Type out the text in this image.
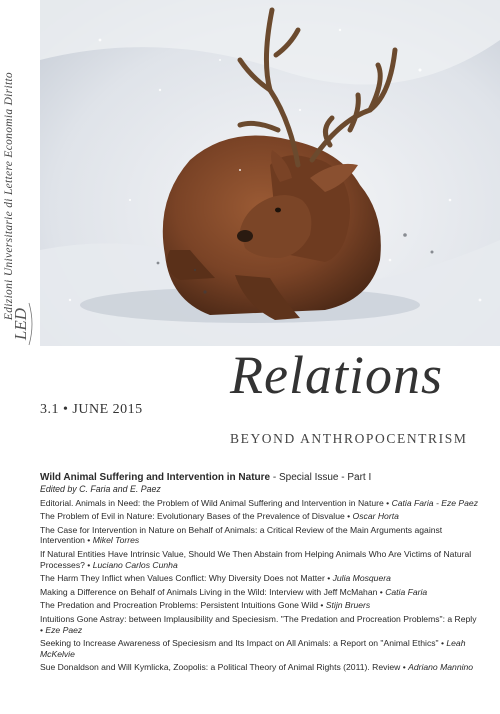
Edizioni Universitarie di Lettere Economia Diritto
LED
Relations
3.1 • JUNE 2015
BEYOND ANTHROPOCENTRISM
Wild Animal Suffering and Intervention in Nature - Special Issue - Part I
Edited by C. Faria and E. Paez
Editorial. Animals in Need: the Problem of Wild Animal Suffering and Intervention in Nature • Catia Faria - Eze Paez
The Problem of Evil in Nature: Evolutionary Bases of the Prevalence of Disvalue • Oscar Horta
The Case for Intervention in Nature on Behalf of Animals: a Critical Review of the Main Arguments against Intervention • Mikel Torres
If Natural Entities Have Intrinsic Value, Should We Then Abstain from Helping Animals Who Are Victims of Natural Processes? • Luciano Carlos Cunha
The Harm They Inflict when Values Conflict: Why Diversity Does not Matter • Julia Mosquera
Making a Difference on Behalf of Animals Living in the Wild: Interview with Jeff McMahan • Catia Faria
The Predation and Procreation Problems: Persistent Intuitions Gone Wild • Stijn Bruers
Intuitions Gone Astray: between Implausibility and Speciesism. "The Predation and Procreation Problems": a Reply • Eze Paez
Seeking to Increase Awareness of Speciesism and Its Impact on All Animals: a Report on "Animal Ethics" • Leah McKelvie
Sue Donaldson and Will Kymlicka, Zoopolis: a Political Theory of Animal Rights (2011). Review • Adriano Mannino
